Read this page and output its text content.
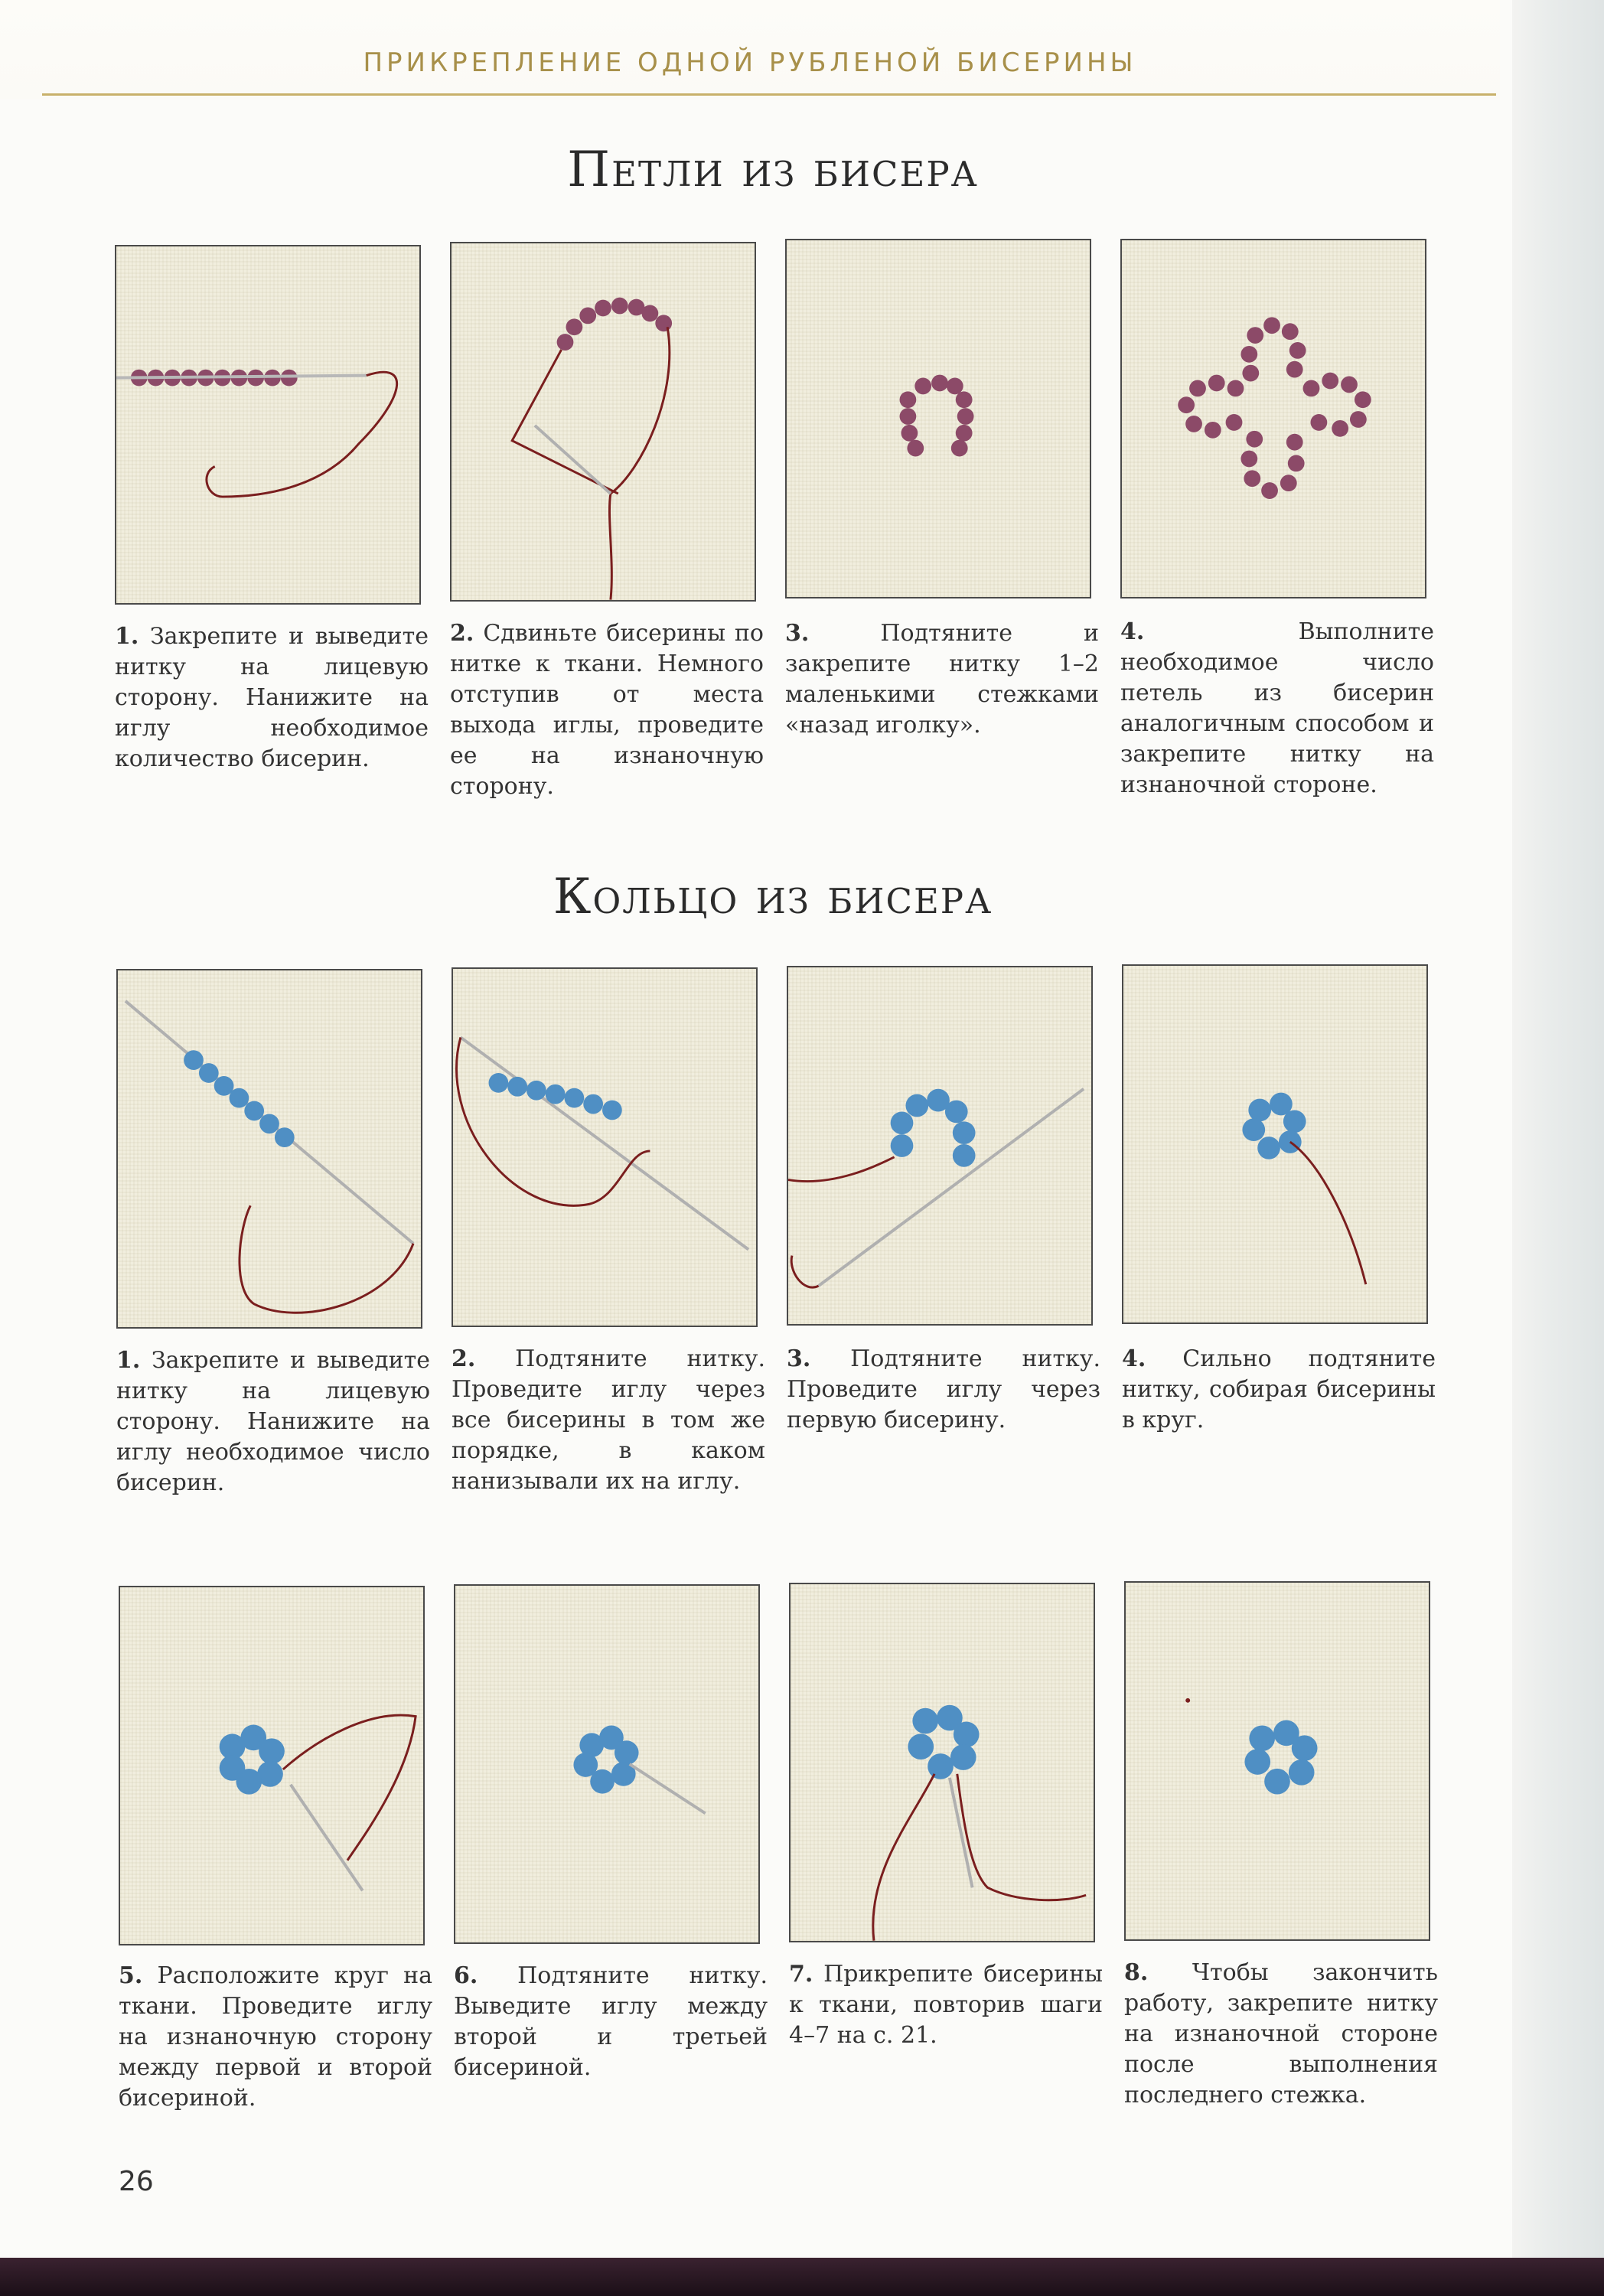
ПРИКРЕПЛЕНИЕ ОДНОЙ РУБЛЕНОЙ БИСЕРИНЫ
Петли из бисера
1. Закрепите и выведите нитку на лицевую сторону. Нанижите на иглу необходимое количество бисерин.
2. Сдвиньте бисерины по нитке к ткани. Немного отступив от места выхода иглы, проведите ее на изнаночную сторону.
3.	Подтяните и закрепите нитку 1–2 маленькими стежками «назад иголку».
4.	Выполните необходимое число петель из бисерин аналогичным способом и закрепите нитку на изнаночной стороне.
Кольцо из бисера
1. Закрепите и выведите нитку на лицевую сторону. Нанижите на иглу необходимое число бисерин.
2. Подтяните нитку. Проведите иглу через все бисерины в том же порядке, в каком нанизывали их на иглу.
3. Подтяните нитку. Проведите иглу через первую бисерину.
4. Сильно подтяните нитку, собирая бисерины в круг.
5. Расположите круг на ткани. Проведите иглу на изнаночную сторону между первой и второй бисериной.
6. Подтяните нитку. Выведите иглу между второй и третьей бисериной.
7. Прикрепите бисерины к ткани, повторив шаги 4–7 на с. 21.
8. Чтобы закончить работу, закрепите нитку на изнаночной стороне после выполнения последнего стежка.
26
